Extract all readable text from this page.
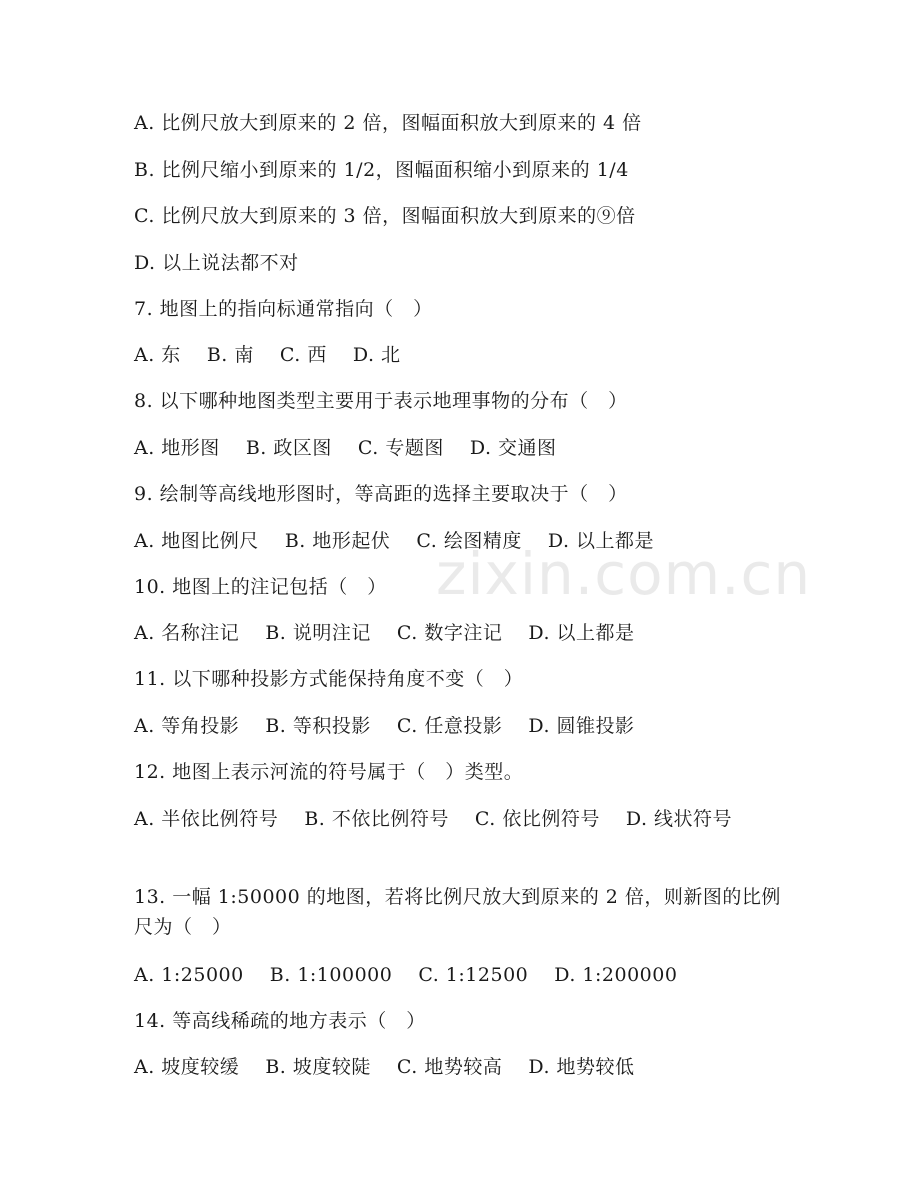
A. 比例尺放大到原来的 2 倍，图幅面积放大到原来的 4 倍
B. 比例尺缩小到原来的 1/2，图幅面积缩小到原来的 1/4
C. 比例尺放大到原来的 3 倍，图幅面积放大到原来的⑨倍
D. 以上说法都不对
7. 地图上的指向标通常指向（　）
A. 东　 B. 南　 C. 西　 D. 北
8. 以下哪种地图类型主要用于表示地理事物的分布（　）
A. 地形图　 B. 政区图　 C. 专题图　 D. 交通图
9. 绘制等高线地形图时，等高距的选择主要取决于（　）
A. 地图比例尺　 B. 地形起伏　 C. 绘图精度　 D. 以上都是
10. 地图上的注记包括（　）
A. 名称注记　 B. 说明注记　 C. 数字注记　 D. 以上都是
11. 以下哪种投影方式能保持角度不变（　）
A. 等角投影　 B. 等积投影　 C. 任意投影　 D. 圆锥投影
12. 地图上表示河流的符号属于（　）类型。
A. 半依比例符号　 B. 不依比例符号　 C. 依比例符号　 D. 线状符号
13. 一幅 1:50000 的地图，若将比例尺放大到原来的 2 倍，则新图的比例尺为（　）
A. 1:25000　 B. 1:100000　 C. 1:12500　 D. 1:200000
14. 等高线稀疏的地方表示（　）
A. 坡度较缓　 B. 坡度较陡　 C. 地势较高　 D. 地势较低
zixin.com.cn
